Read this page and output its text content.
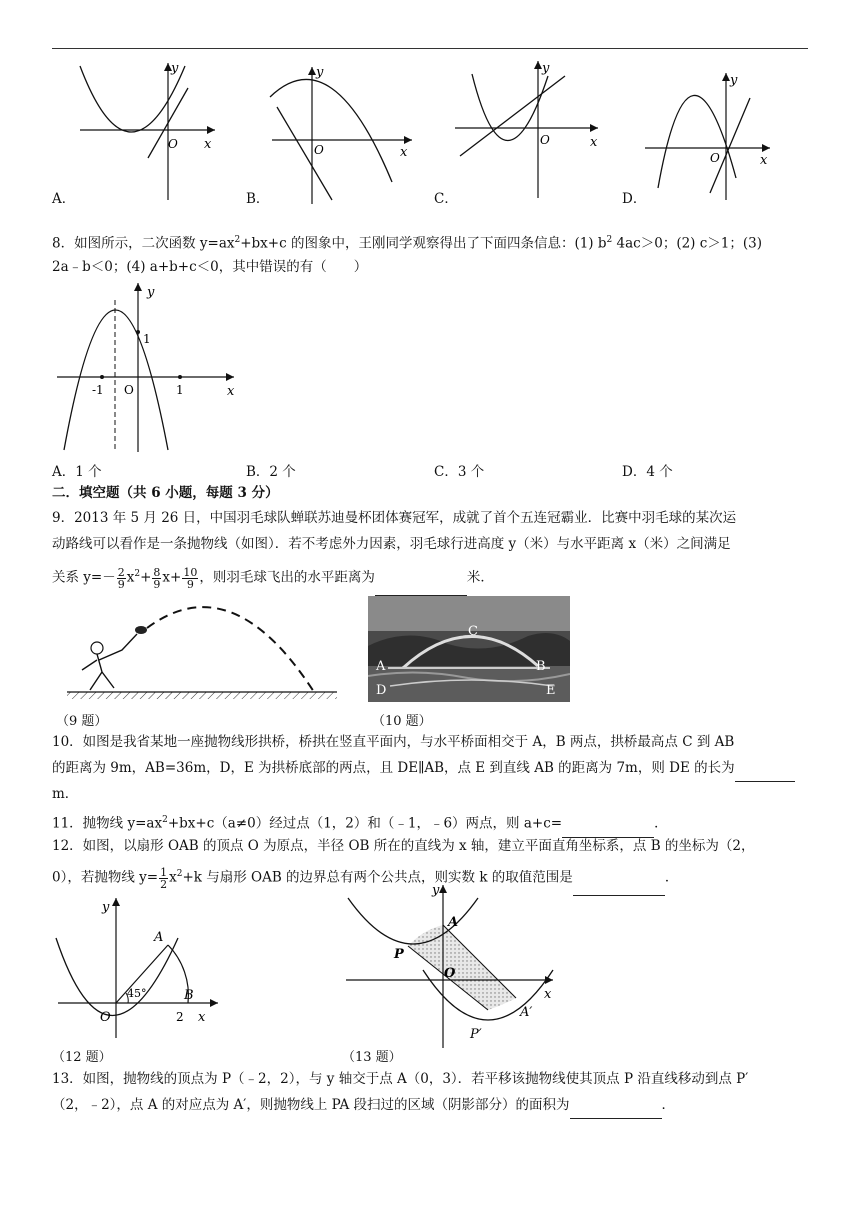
y
x
O
A．
y
x
O
B．
y
x
O
C．
y
x
O
D．
8．如图所示，二次函数 $y=ax^2+bx+c$ 的图象中，王刚同学观察得出了下面四条信息：(1) $b^2$ 4ac＞0；(2) c＞1；(3)
2a﹣b＜0；(4) a+b+c＜0，其中错误的有（　　）
y
x
O
1
-1	1
A．1 个	B．2 个	C．3 个	D．4 个
二．填空题（共 6 小题，每题 3 分）
9．2013 年 5 月 26 日，中国羽毛球队蝉联苏迪曼杯团体赛冠军，成就了首个五连冠霸业．比赛中羽毛球的某次运
动路线可以看作是一条抛物线（如图）．若不考虑外力因素，羽毛球行进高度 y（米）与水平距离 x（米）之间满足
关系 $y=- \frac{2}{9} x^2+ \frac{8}{9} x+ \frac{10}{9}$ ，则羽毛球飞出的水平距离为	米．
（9 题）
C
A	B
D	E
（10 题）
10．如图是我省某地一座抛物线形拱桥，桥拱在竖直平面内，与水平桥面相交于 A，B 两点，拱桥最高点 C 到 AB
的距离为 9m，AB=36m，D，E 为拱桥底部的两点，且 DE∥AB，点 E 到直线 AB 的距离为 7m，则 DE 的长为
m．
11．抛物线 $y=ax^2+bx+c(a\ne 0)$经过点（1，2）和（﹣1，﹣6）两点，则 a+c=	．
12．如图，以扇形 OAB 的顶点 O 为原点，半径 OB 所在的直线为 x 轴，建立平面直角坐标系，点 B 的坐标为（2，
0），若抛物线 $y= \frac{1}{2} x^2+k$ 与扇形 OAB 的边界总有两个公共点，则实数 k 的取值范围是	．
y
x
A
B
O	2
45°
（12 题）
y
x
A
P
O
A′
P′
（13 题）
13．如图，抛物线的顶点为 P（﹣2，2），与 y 轴交于点 A（0，3）．若平移该抛物线使其顶点 P 沿直线移动到点 P′
（2，﹣2），点 A 的对应点为 A′，则抛物线上 PA 段扫过的区域（阴影部分）的面积为	．
